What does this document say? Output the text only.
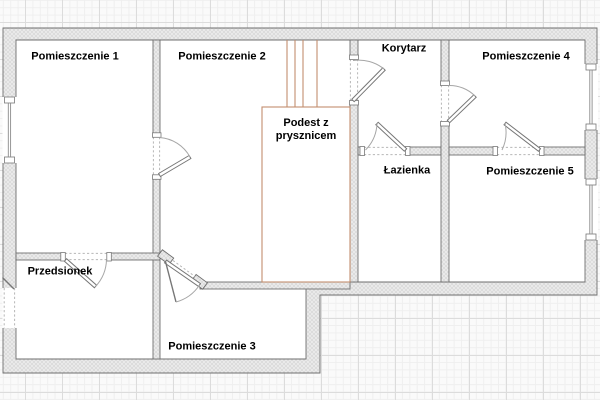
Pomieszczenie 1	Pomieszczenie 2
Pomieszczenie 3
Pomieszczenie 4
Pomieszczenie 5
Korytarz
Łazienka
Przedsionek
Podest z prysznicem
